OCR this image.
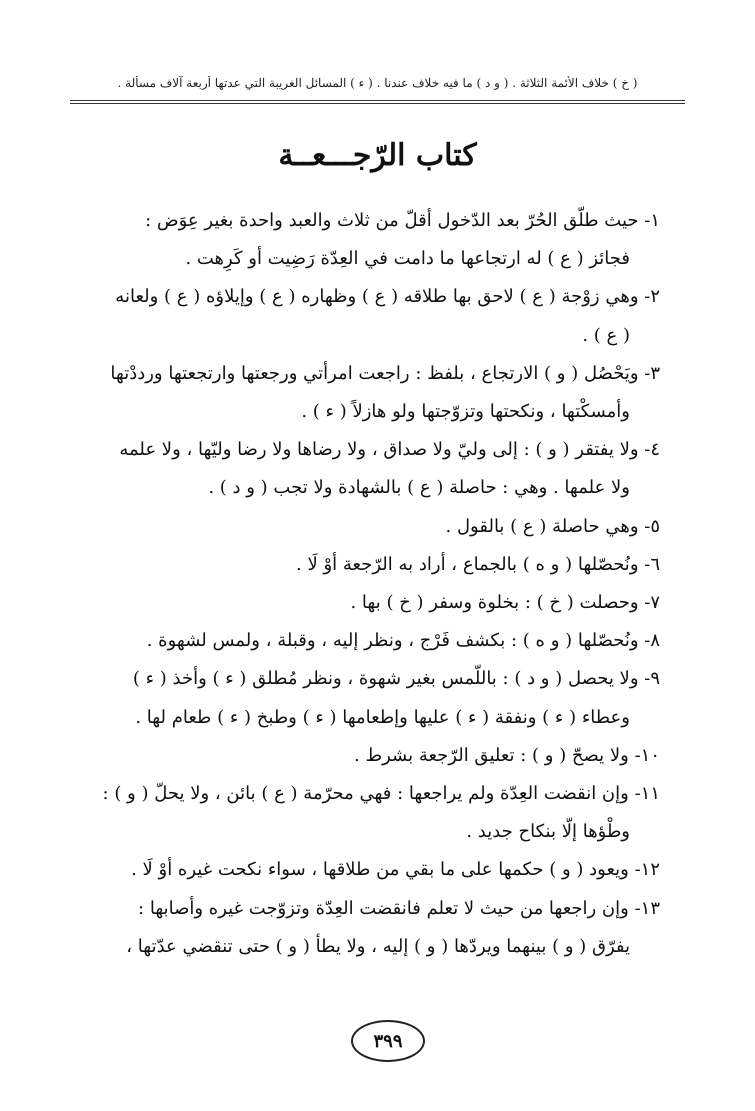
( خ ) خلاف الأئمة الثلاثة . ( و د ) ما فيه خلاف عندنا . ( ء ) المسائل الغريبة التي عدتها أربعة آلاف مسألة .
كتاب الرّجـــعــة

١- حيث طلّق الحُرّ بعد الدّخول أقلّ من ثلاث والعبد واحدة بغير عِوَض :
فجائز ( ع ) له ارتجاعها ما دامت في العِدّة رَضِيت أو كَرِهت .

٢- وهي زوْجة ( ع ) لاحق بها طلاقه ( ع ) وظهاره ( ع ) وإيلاؤه ( ع ) ولعانه
( ع ) .

٣- ويَحْصُل ( و ) الارتجاع ، بلفظ : راجعت امرأتي ورجعتها وارتجعتها ورددْتها
وأمسكْتها ، ونكحتها وتزوّجتها ولو هازلاً ( ء ) .

٤- ولا يفتقر ( و ) : إلى وليّ ولا صداق ، ولا رضاها ولا رضا وليّها ، ولا علمه
ولا علمها . وهي : حاصلة ( ع ) بالشهادة ولا تجب ( و د ) .

٥- وهي حاصلة ( ع ) بالقول .

٦- ونُحصّلها ( و ه ) بالجماع ، أراد به الرّجعة أوْ لَا .

٧- وحصلت ( خ ) : بخلوة وسفر ( خ ) بها .

٨- ونُحصّلها ( و ه ) : بكشف فَرْج ، ونظر إليه ، وقبلة ، ولمس لشهوة .

٩- ولا يحصل ( و د ) : باللّمس بغير شهوة ، ونظر مُطلق ( ء ) وأخذ ( ء )
وعطاء ( ء ) ونفقة ( ء ) عليها وإطعامها ( ء ) وطبخ ( ء ) طعام لها .

١٠- ولا يصحّ ( و ) : تعليق الرّجعة بشرط .

١١- وإن انقضت العِدّة ولم يراجعها : فهي محرّمة ( ع ) بائن ، ولا يحلّ ( و ) :
وطْؤها إلّا بنكاح جديد .

١٢- ويعود ( و ) حكمها على ما بقي من طلاقها ، سواء نكحت غيره أوْ لَا .

١٣- وإن راجعها من حيث لا تعلم فانقضت العِدّة وتزوّجت غيره وأصابها :
يفرّق ( و ) بينهما ويردّها ( و ) إليه ، ولا يطأ ( و ) حتى تنقضي عدّتها ،

٣٩٩
